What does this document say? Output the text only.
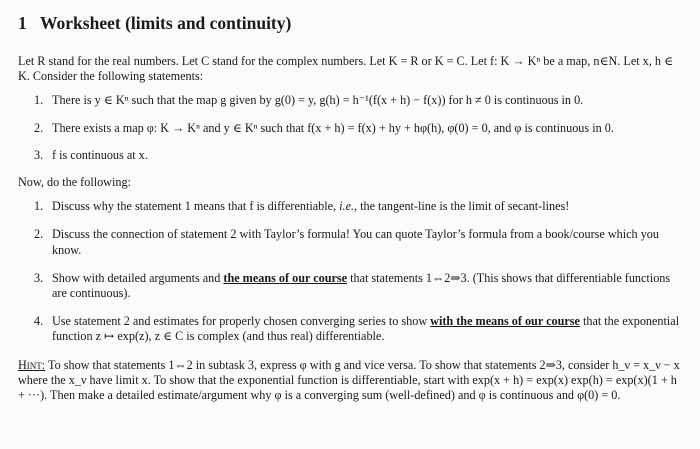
1 Worksheet (limits and continuity)

Let R stand for the real numbers. Let C stand for the complex numbers. Let K = R or K = C. Let f: K → Kⁿ be a map, n∈N. Let x, h ∈ K. Consider the following statements:

1. There is y ∈ Kⁿ such that the map g given by g(0) = y, g(h) = h⁻¹(f(x + h) − f(x)) for h ≠ 0 is continuous in 0.
2. There exists a map φ: K → Kⁿ and y ∈ Kⁿ such that f(x + h) = f(x) + hy + hφ(h), φ(0) = 0, and φ is continuous in 0.
3. f is continuous at x.

Now, do the following:

1. Discuss why the statement 1 means that f is differentiable, i.e., the tangent-line is the limit of secant-lines!
2. Discuss the connection of statement 2 with Taylor’s formula! You can quote Taylor’s formula from a book/course which you know.
3. Show with detailed arguments and the means of our course that statements 1⇔2⇒3. (This shows that differentiable functions are continuous).
4. Use statement 2 and estimates for properly chosen converging series to show with the means of our course that the exponential function z ↦ exp(z), z ∈ C is complex (and thus real) differentiable.

Hint: To show that statements 1⇔2 in subtask 3, express φ with g and vice versa. To show that statements 2⇒3, consider h_ν = x_ν − x where the x_ν have limit x. To show that the exponential function is differentiable, start with exp(x + h) = exp(x) exp(h) = exp(x)(1 + h + ···). Then make a detailed estimate/argument why φ is a converging sum (well-defined) and φ is continuous and φ(0) = 0.
